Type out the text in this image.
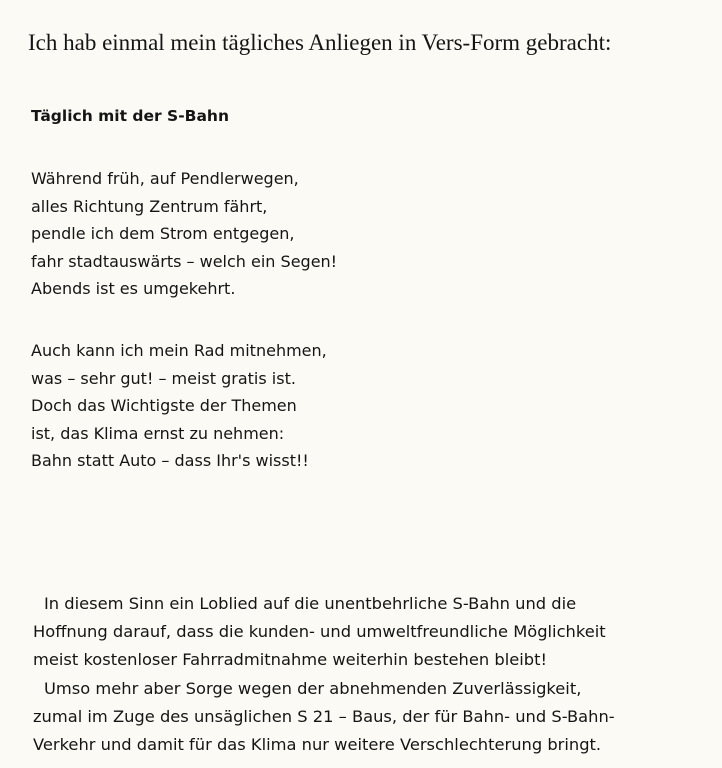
Ich hab einmal mein tägliches Anliegen in Vers-Form gebracht:
Täglich mit der S-Bahn
Während früh, auf Pendlerwegen,
alles Richtung Zentrum fährt,
pendle ich dem Strom entgegen,
fahr stadtauswärts – welch ein Segen!
Abends ist es umgekehrt.
Auch kann ich mein Rad mitnehmen,
was – sehr gut! – meist gratis ist.
Doch das Wichtigste der Themen
ist, das Klima ernst zu nehmen:
Bahn statt Auto – dass Ihr's wisst!!
In diesem Sinn ein Loblied auf die unentbehrliche S-Bahn und die
Hoffnung darauf, dass die kunden- und umweltfreundliche Möglichkeit
meist kostenloser Fahrradmitnahme weiterhin bestehen bleibt!
Umso mehr aber Sorge wegen der abnehmenden Zuverlässigkeit,
zumal im Zuge des unsäglichen S 21 – Baus, der für Bahn- und S-Bahn-
Verkehr und damit für das Klima nur weitere Verschlechterung bringt.
